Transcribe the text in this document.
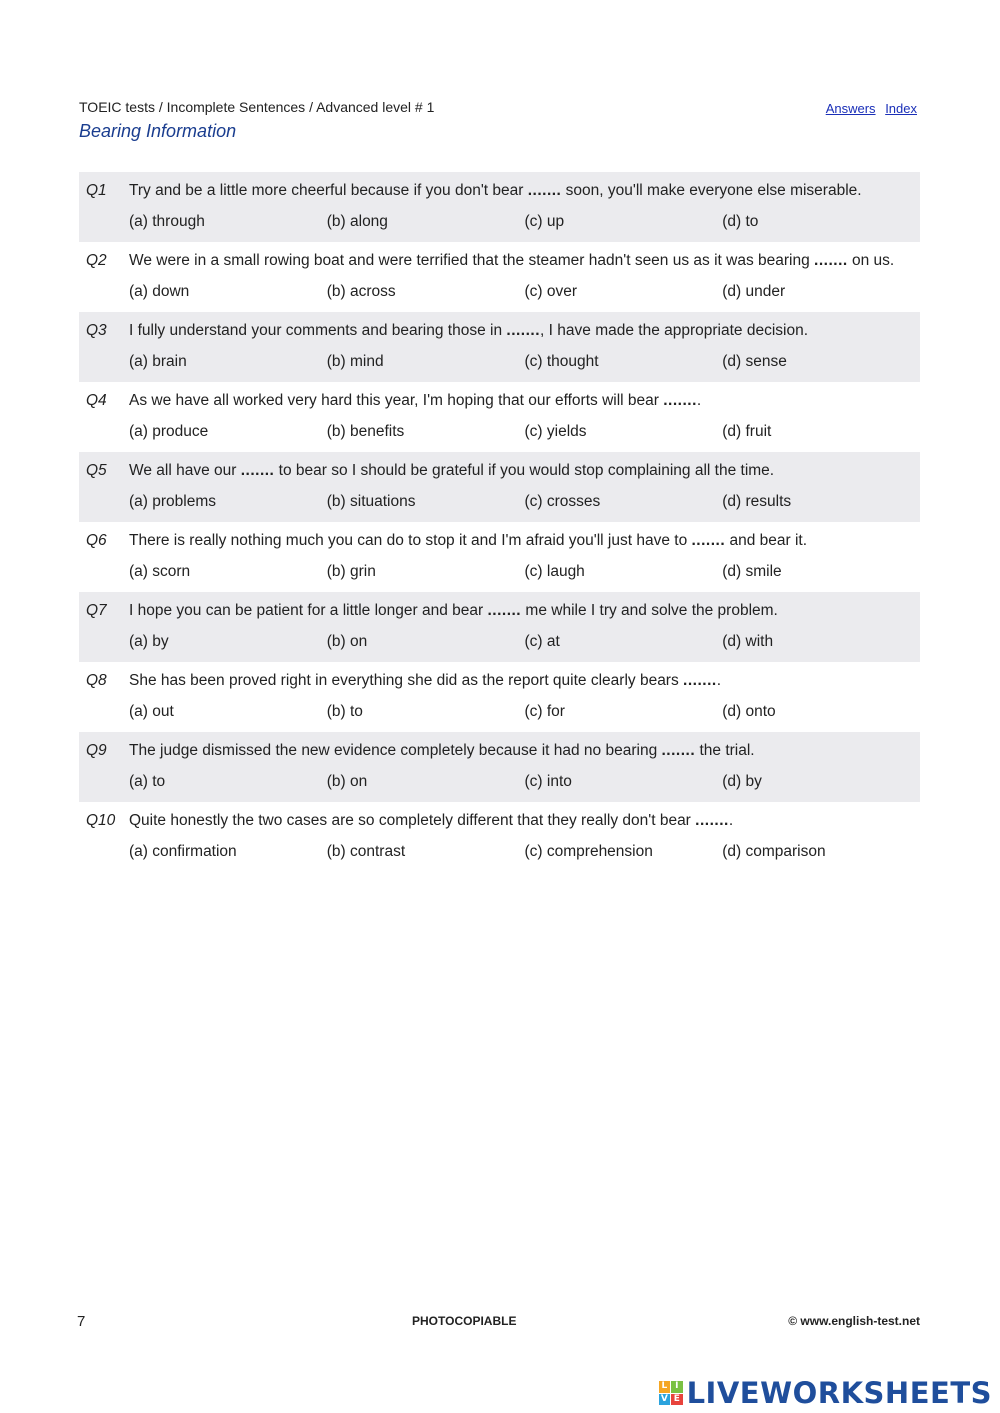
TOEIC tests / Incomplete Sentences / Advanced level # 1
Bearing Information
Answers Index
Q1	Try and be a little more cheerful because if you don't bear ....... soon, you'll make everyone else miserable.
(a) through	(b) along	(c) up	(d) to
Q2	We were in a small rowing boat and were terrified that the steamer hadn't seen us as it was bearing ....... on us.
(a) down	(b) across	(c) over	(d) under
Q3	I fully understand your comments and bearing those in ......., I have made the appropriate decision.
(a) brain	(b) mind	(c) thought	(d) sense
Q4	As we have all worked very hard this year, I'm hoping that our efforts will bear ........
(a) produce	(b) benefits	(c) yields	(d) fruit
Q5	We all have our ....... to bear so I should be grateful if you would stop complaining all the time.
(a) problems	(b) situations	(c) crosses	(d) results
Q6	There is really nothing much you can do to stop it and I'm afraid you'll just have to ....... and bear it.
(a) scorn	(b) grin	(c) laugh	(d) smile
Q7	I hope you can be patient for a little longer and bear ....... me while I try and solve the problem.
(a) by	(b) on	(c) at	(d) with
Q8	She has been proved right in everything she did as the report quite clearly bears ........
(a) out	(b) to	(c) for	(d) onto
Q9	The judge dismissed the new evidence completely because it had no bearing ....... the trial.
(a) to	(b) on	(c) into	(d) by
Q10 Quite honestly the two cases are so completely different that they really don't bear ........
(a) confirmation	(b) contrast	(c) comprehension	(d) comparison
7	PHOTOCOPIABLE	© www.english-test.net
L I
V E LIVEWORKSHEETS
